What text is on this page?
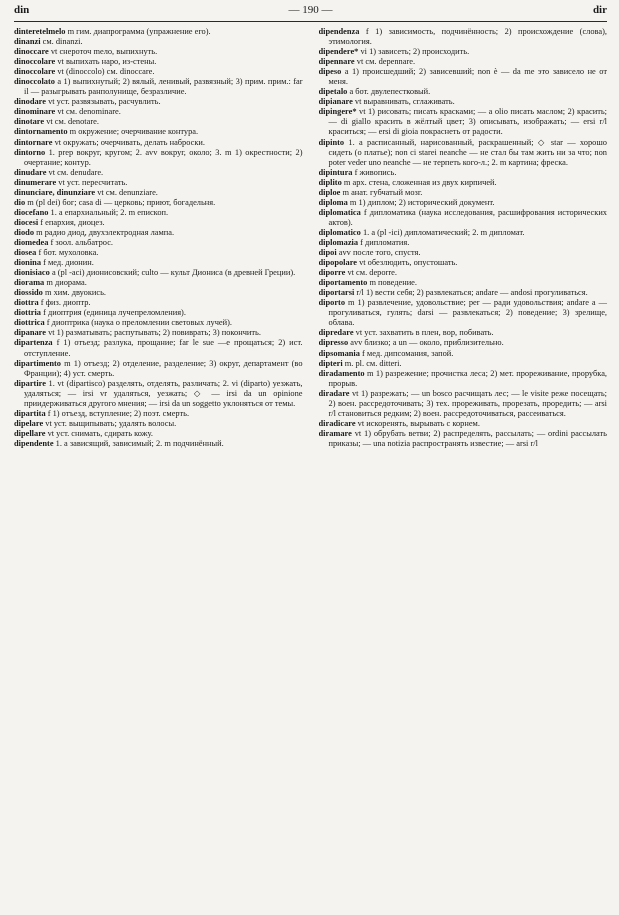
din	— 190 —	dir

dinteretelmelo m гим. диапрограмма (упражнение его).

dinanzi см. dinanzi.

dinoccare vt снероточ mело, выпихнуть.

dinoccolare vt выпихать наро, из-стены.

dinoccolare vt (dinoccolo) см. dinoccare.

dinoccolato a 1) выпихнутый; 2) вялый, ленивый, развязный; 3) прим. прим.: far il — разыгрывать ранполунище, безразличие.

dinodare vt уст. развязывать, расчувлить.

dinominare vt см. denominare.

dinotare vt см. denotare.

dintornamento m окружение; очерчивание контура.

dintornare vt окружать; очерчивать, делать наброски.

dintorno 1. prep вокруг, кругом; 2. avv вокруг, около; 3. m 1) окрестности; 2) очертание; контур.

dinudare vt см. denudare.

dinumerare vt уст. пересчитать.

dinunciare, dinunziare vt см. denunziare.

dio m (pl dei) бог; casa di — церковь; приют, богадельня.

diocefano 1. a епархиальный; 2. m епископ.

diocesi f епархия, диоцез.

diodo m радио диод, двухэлектродная лампа.

diomedea f зоол. альбатрос.

diosea f бот. мухоловка.

dionina f мед. дионин.

dionisiaco a (pl -aci) дионисовский; culto — культ Диониса (в древней Греции).

diorama m диорама.

diossido m хим. двуокись.

diottra f физ. диоптр.

diottria f диоптрия (единица лучепреломления).

diottrica f диоптрика (наука о преломлении световых лучей).

dipanare vt 1) разматывать; распутывать; 2) повиврать; 3) покончить.

dipartenza f 1) отъезд; разлука, прощание; far le sue —е прощаться; 2) ист. отступление.

dipartimento m 1) отъезд; 2) отделение, разделение; 3) округ, департамент (во Франции); 4) уст. смерть.

dipartire 1. vt (dipartisco) разделять, отделять, различать; 2. vi (diparto) уезжать, удаляться; — irsi vr удаляться, уезжать; ◇ — irsi da un opinione приидерживаться другого мнения; — irsi da un soggetto уклоняться от темы.

dipartita f 1) отъезд, вступление; 2) поэт. смерть.

dipelare vt уст. выщипывать; удалять волосы.

dipellare vt уст. снимать, сдирать кожу.

dipendente 1. a зависящий, зависимый; 2. m подчинённый.

dipendenza f 1) зависимость, подчинённость; 2) происхождение (слова), этимология.

dipendere* vi 1) зависеть; 2) происходить.

dipennare vt см. depennare.

dipeso a 1) происшедший; 2) зависевший; non è — da me это зависело не от меня.

dipetalo a бот. двулепестковый.

dipianare vt выравнивать, сглаживать.

dipingere* vt 1) рисовать; писать красками; — a olio писать маслом; 2) красить; — di giallo красить в жёлтый цвет; 3) описывать, изображать; — ersi r/l краситься; — ersi di gioia покраснеть от радости.

dipinto 1. a расписанный, нарисованный, раскрашенный; ◇ star — хорошо сидеть (о платье); non ci starei neanche — не стал бы там жить ни за что; non poter veder uno neanche — не терпеть кого-л.; 2. m картина; фреска.

dipintura f живопись.

diplito m арх. стена, сложенная из двух кирпичей.

diploe m анат. губчатый мозг.

diploma m 1) диплом; 2) исторический документ.

diplomatica f дипломатика (наука исследования, расшифрования исторических актов).

diplomatico 1. a (pl -ici) дипломатический; 2. m дипломат.

diplomazia f дипломатия.

dipoi avv после того, спустя.

dipopolare vt обезлюдить, опустошать.

diporre vt см. deporre.

diportamento m поведение.

diportarsi r/l 1) вести себя; 2) развлекаться; andare — andosi прогуливаться.

diporto m 1) развлечение, удовольствие; per — ради удовольствия; andare a — прогуливаться, гулять; darsi — развлекаться; 2) поведение; 3) зрелище, облава.

dipredare vt уст. захватить в плен, вор, побивать.

dipresso avv близко; a un — около, приблизительно.

dipsomania f мед. дипсомания, запой.

dipteri m. pl. см. ditteri.

diradamento m 1) разрежение; прочистка леса; 2) мет. прореживание, прорубка, прорыв.

diradare vt 1) разрежать; — un bosco расчищать лес; — le visite реже посещать; 2) воен. рассредоточивать; 3) тех. прореживать, прорезать, проредить; — arsi r/l становиться редким; 2) воен. рассредоточиваться, рассеиваться.

diradicare vt искоренять, вырывать с корнем.

diramare vt 1) обрубать ветви; 2) распределять, рассылать; — ordini рассылать приказы; — una notizia распространять известие; — arsi r/l
